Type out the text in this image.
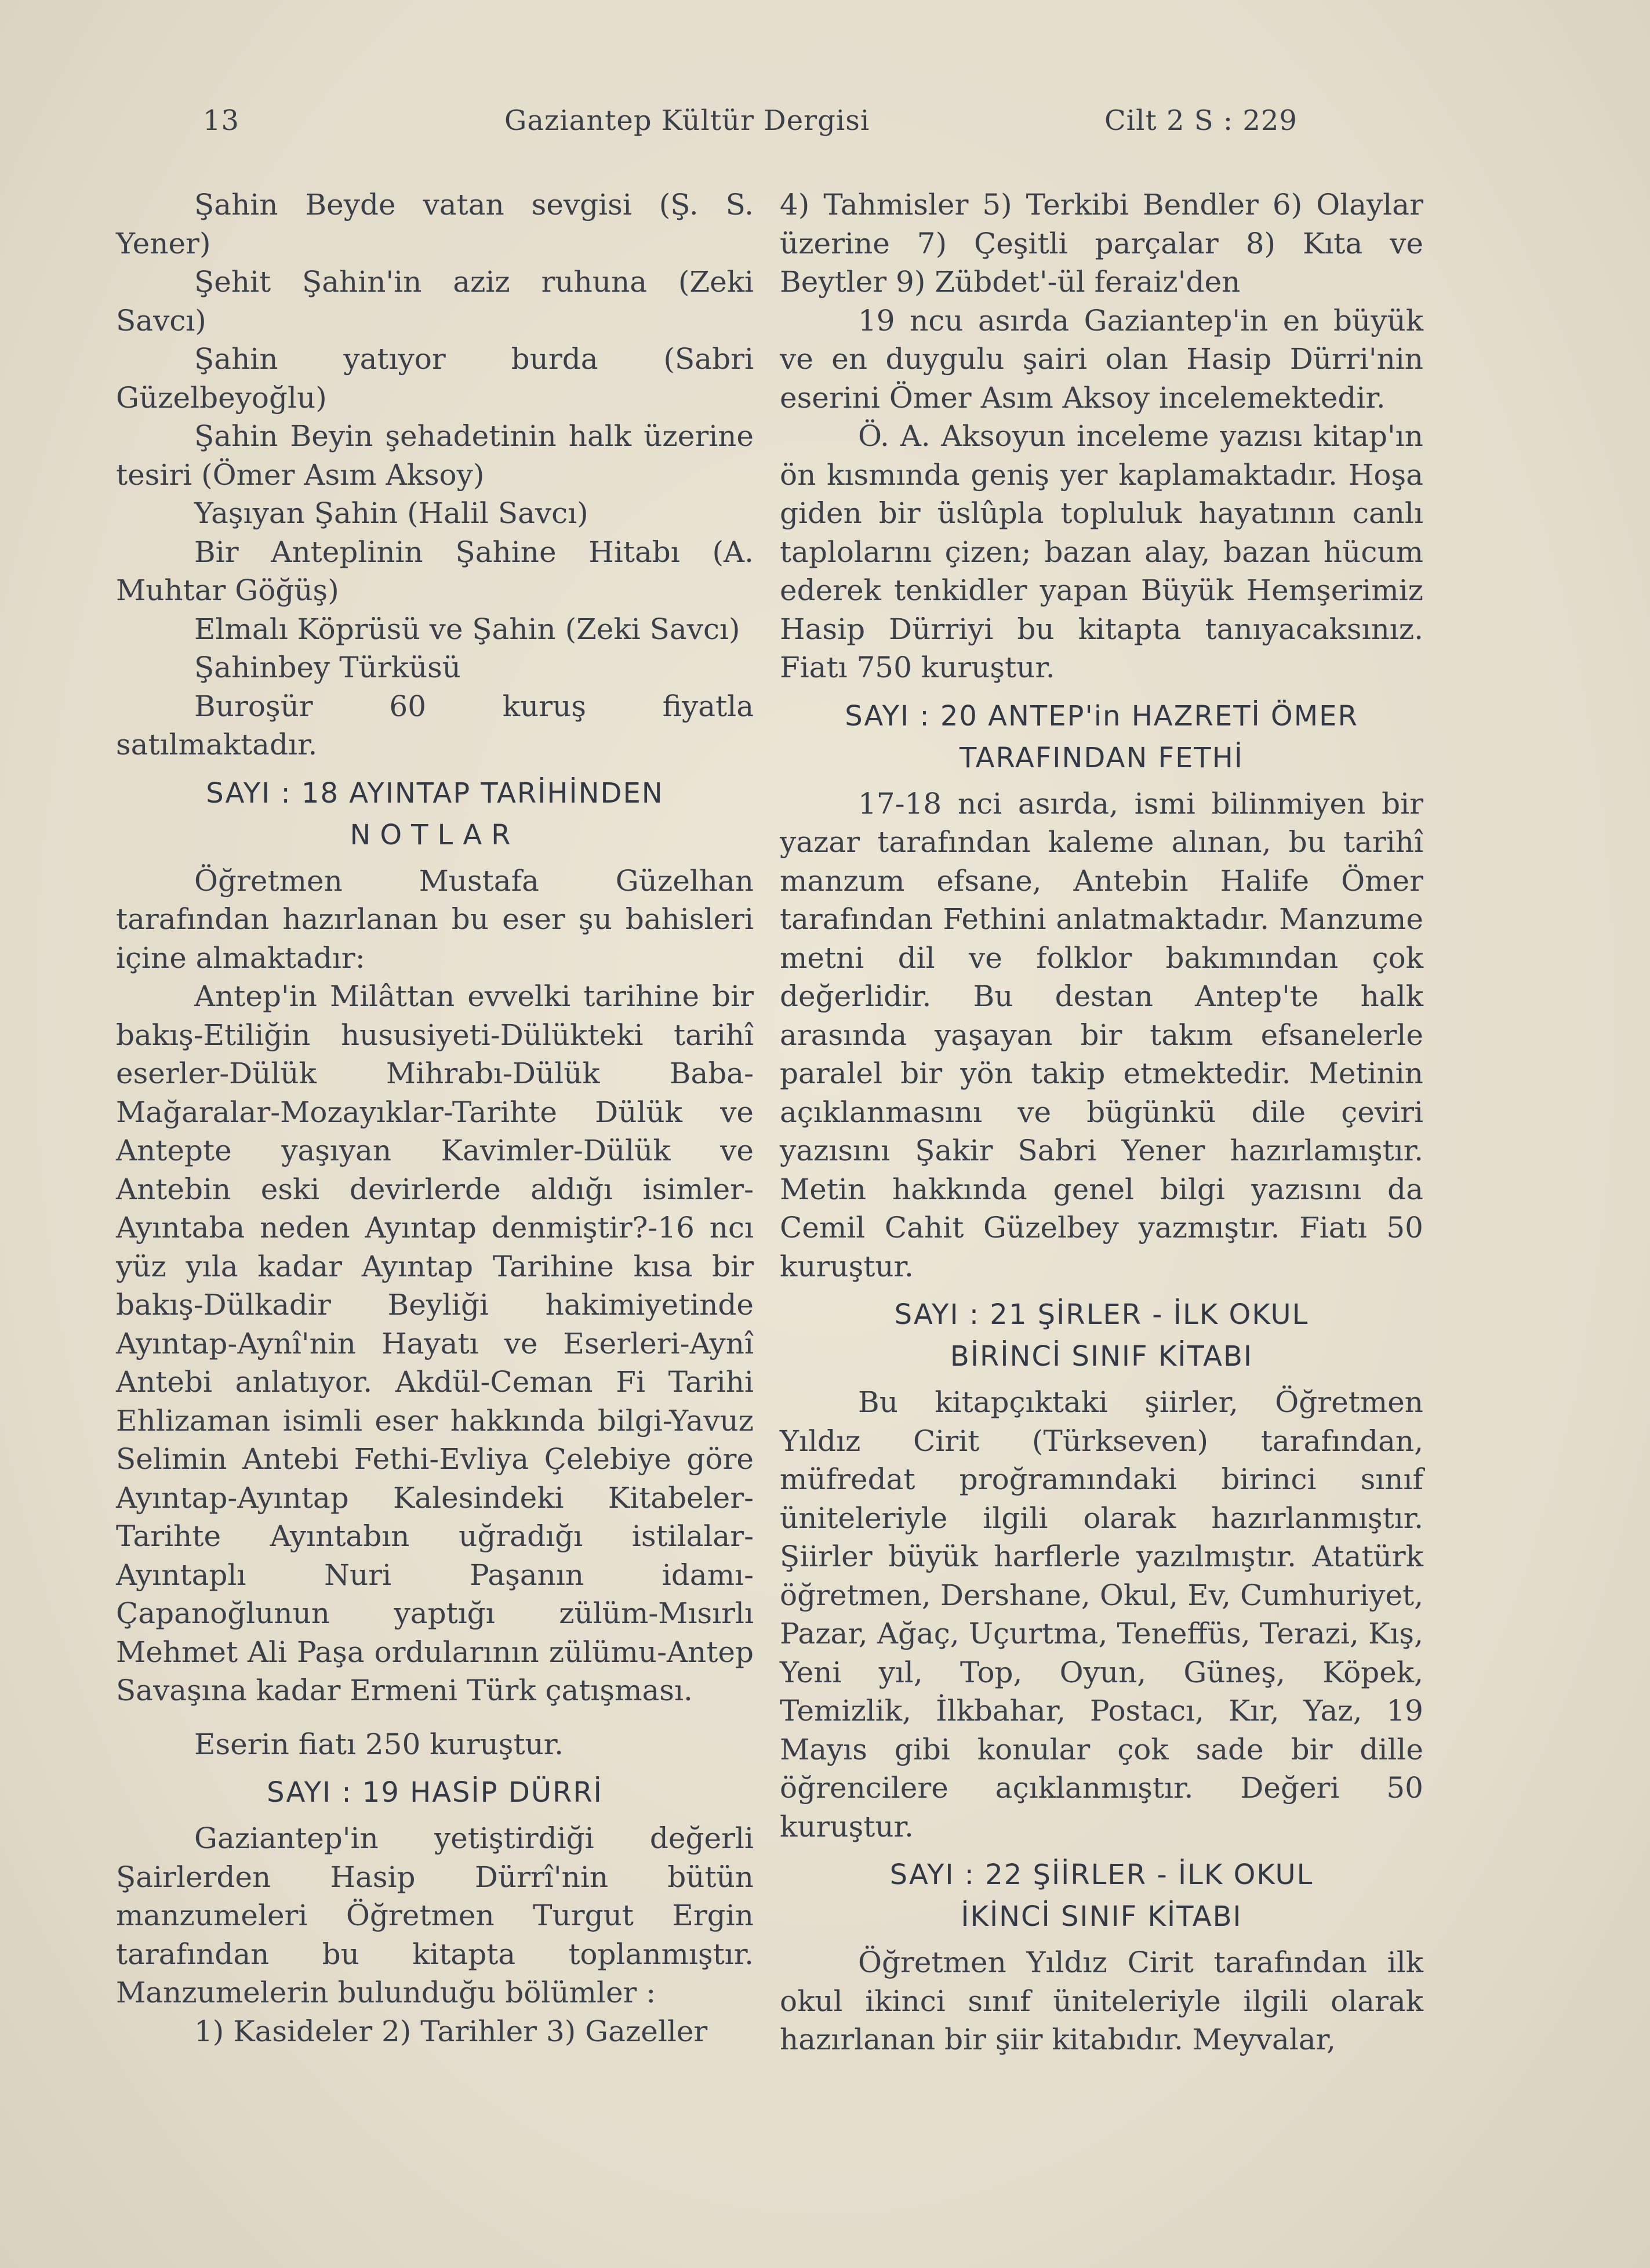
13	Gaziantep Kültür Dergisi	Cilt 2 S : 229

Şahin Beyde vatan sevgisi (Ş. S. Yener)

Şehit Şahin'in aziz ruhuna (Zeki Savcı)

Şahin yatıyor burda (Sabri Güzelbeyoğlu)

Şahin Beyin şehadetinin halk üzerine tesiri (Ömer Asım Aksoy)

Yaşıyan Şahin (Halil Savcı)

Bir Anteplinin Şahine Hitabı (A. Muhtar Göğüş)

Elmalı Köprüsü ve Şahin (Zeki Savcı)

Şahinbey Türküsü

Buroşür 60 kuruş fiyatla satılmaktadır.

SAYI : 18 AYINTAP TARİHİNDEN
NOTLAR

Öğretmen Mustafa Güzelhan tarafından hazırlanan bu eser şu bahisleri içine almaktadır:

Antep'in Milâttan evvelki tarihine bir bakış-Etiliğin hususiyeti-Dülükteki tarihî eserler-Dülük Mihrabı-Dülük Baba-Mağaralar-Mozayıklar-Tarihte Dülük ve Antepte yaşıyan Kavimler-Dülük ve Antebin eski devirlerde aldığı isimler-Ayıntaba neden Ayıntap denmiştir?-16 ncı yüz yıla kadar Ayıntap Tarihine kısa bir bakış-Dülkadir Beyliği hakimiyetinde Ayıntap-Aynî'nin Hayatı ve Eserleri-Aynî Antebi anlatıyor. Akdül-Ceman Fi Tarihi Ehlizaman isimli eser hakkında bilgi-Yavuz Selimin Antebi Fethi-Evliya Çelebiye göre Ayıntap-Ayıntap Kalesindeki Kitabeler-Tarihte Ayıntabın uğradığı istilalar-Ayıntaplı Nuri Paşanın idamı-Çapanoğlunun yaptığı zülüm-Mısırlı Mehmet Ali Paşa ordularının zülümu-Antep Savaşına kadar Ermeni Türk çatışması.

Eserin fiatı 250 kuruştur.

SAYI : 19 HASİP DÜRRİ

Gaziantep'in yetiştirdiği değerli Şairlerden Hasip Dürrî'nin bütün manzumeleri Öğretmen Turgut Ergin tarafından bu kitapta toplanmıştır. Manzumelerin bulunduğu bölümler :

1) Kasideler 2) Tarihler 3) Gazeller

4) Tahmisler 5) Terkibi Bendler 6) Olaylar üzerine 7) Çeşitli parçalar 8) Kıta ve Beytler 9) Zübdet'-ül feraiz'den

19 ncu asırda Gaziantep'in en büyük ve en duygulu şairi olan Hasip Dürri'nin eserini Ömer Asım Aksoy incelemektedir.

Ö. A. Aksoyun inceleme yazısı kitap'ın ön kısmında geniş yer kaplamaktadır. Hoşa giden bir üslûpla topluluk hayatının canlı taplolarını çizen; bazan alay, bazan hücum ederek tenkidler yapan Büyük Hemşerimiz Hasip Dürriyi bu kitapta tanıyacaksınız. Fiatı 750 kuruştur.

SAYI : 20 ANTEP'in HAZRETİ ÖMER
TARAFINDAN FETHİ

17-18 nci asırda, ismi bilinmiyen bir yazar tarafından kaleme alınan, bu tarihî manzum efsane, Antebin Halife Ömer tarafından Fethini anlatmaktadır. Manzume metni dil ve folklor bakımından çok değerlidir. Bu destan Antep'te halk arasında yaşayan bir takım efsanelerle paralel bir yön takip etmektedir. Metinin açıklanmasını ve bügünkü dile çeviri yazısını Şakir Sabri Yener hazırlamıştır. Metin hakkında genel bilgi yazısını da Cemil Cahit Güzelbey yazmıştır. Fiatı 50 kuruştur.

SAYI : 21 ŞİRLER - İLK OKUL
BİRİNCİ SINIF KİTABI

Bu kitapçıktaki şiirler, Öğretmen Yıldız Cirit (Türkseven) tarafından, müfredat proğramındaki birinci sınıf ünitelеriyle ilgili olarak hazırlanmıştır. Şiirler büyük harflerle yazılmıştır. Atatürk öğretmen, Dershane, Okul, Ev, Cumhuriyet, Pazar, Ağaç, Uçurtma, Teneffüs, Terazi, Kış, Yeni yıl, Top, Oyun, Güneş, Köpek, Temizlik, İlkbahar, Postacı, Kır, Yaz, 19 Mayıs gibi konular çok sade bir dille öğrencilere açıklanmıştır. Değeri 50 kuruştur.

SAYI : 22 ŞİİRLER - İLK OKUL
İKİNCİ SINIF KİTABI

Öğretmen Yıldız Cirit tarafından ilk okul ikinci sınıf üniteleriyle ilgili olarak hazırlanan bir şiir kitabıdır. Meyvalar,
